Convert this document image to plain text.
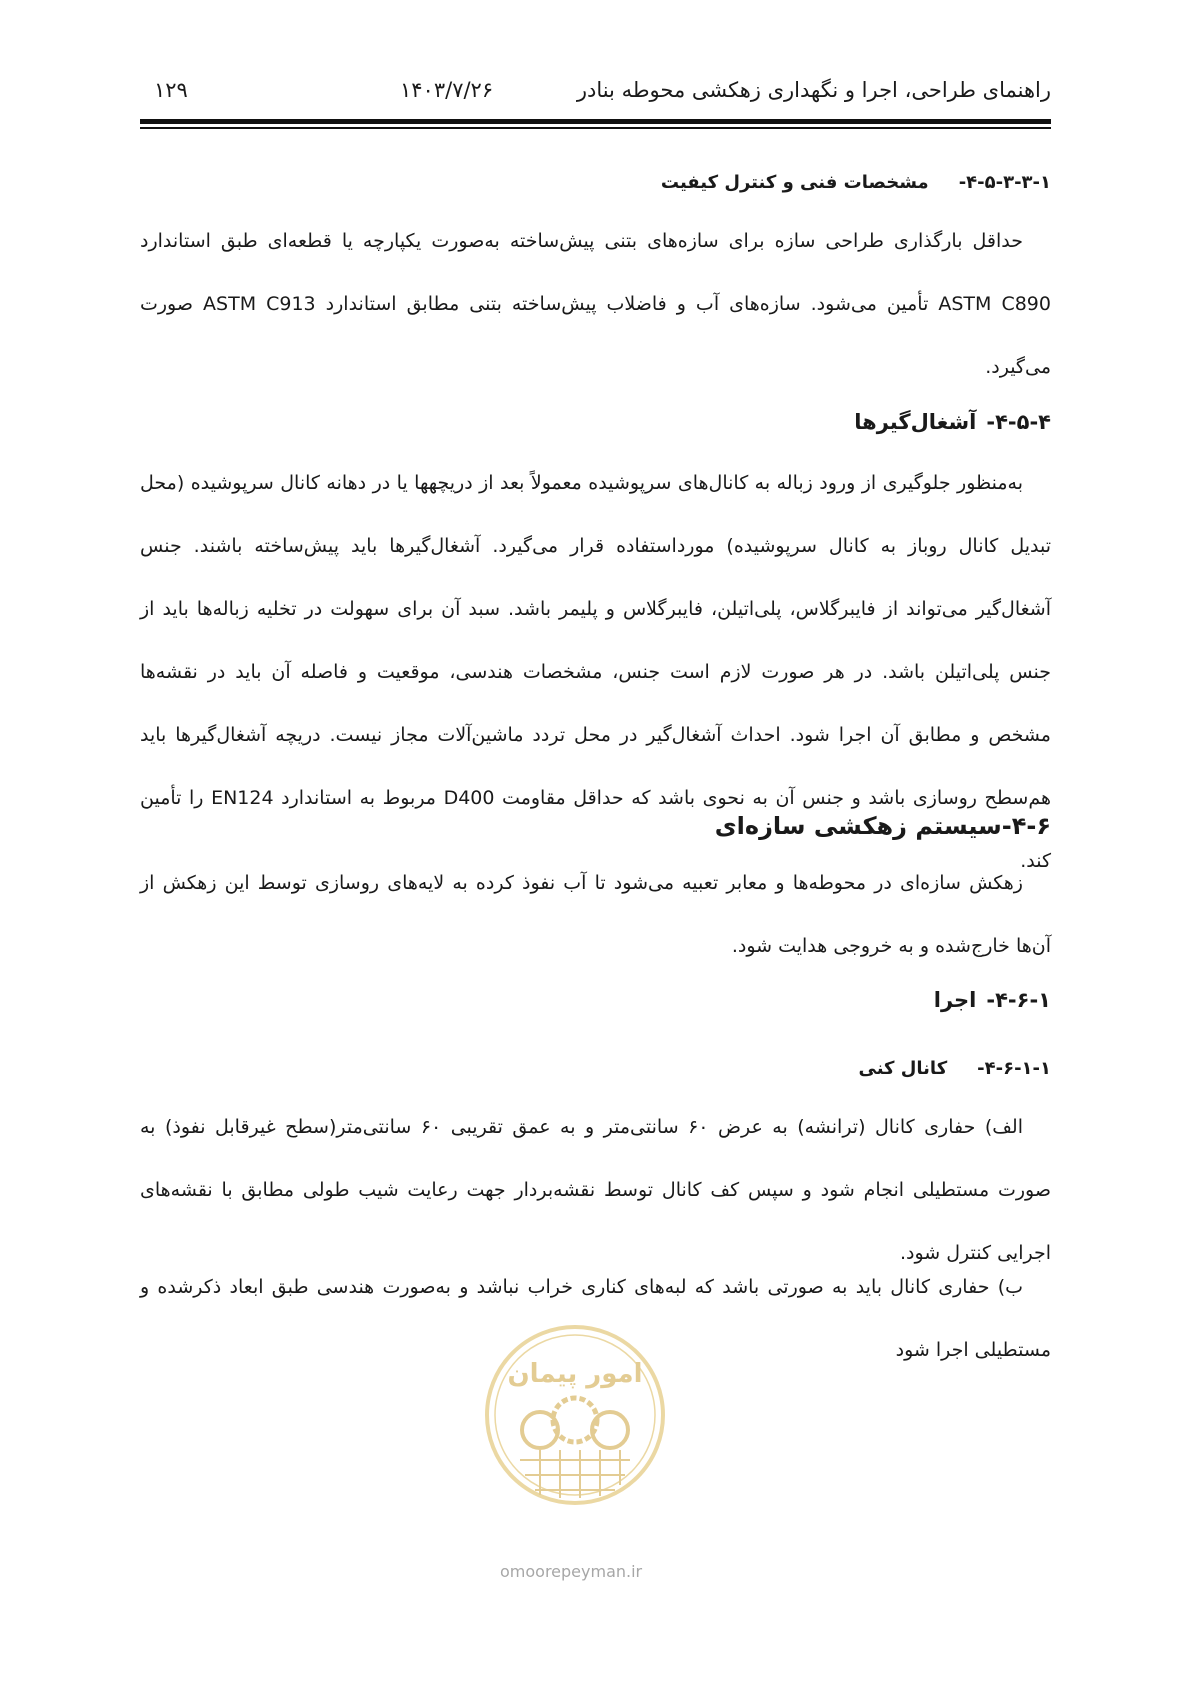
راهنمای طراحی، اجرا و نگهداری زهکشی محوطه بنادر
۱۴۰۳/۷/۲۶
۱۲۹
۴-۵-۳-۳-۱-مشخصات فنی و کنترل کیفیت

حداقل بارگذاری طراحی سازه برای سازه‌های بتنی پیش‌ساخته به‌صورت یکپارچه یا قطعه‌ای طبق استاندارد ASTM C890 تأمین می‌شود. سازه‌های آب و فاضلاب پیش‌ساخته بتنی مطابق استاندارد ASTM C913 صورت می‌گیرد.

۴-۵-۴-آشغال‌گیرها

به‌منظور جلوگیری از ورود زباله به کانال‌های سرپوشیده معمولاً بعد از دریچهها یا در دهانه کانال سرپوشیده (محل تبدیل کانال روباز به کانال سرپوشیده) مورداستفاده قرار می‌گیرد. آشغال‌گیرها باید پیش‌ساخته باشند. جنس آشغال‌گیر می‌تواند از فایبرگلاس، پلی‌اتیلن، فایبرگلاس و پلیمر باشد. سبد آن برای سهولت در تخلیه زباله‌ها باید از جنس پلی‌اتیلن باشد. در هر صورت لازم است جنس، مشخصات هندسی، موقعیت و فاصله آن باید در نقشه‌ها مشخص و مطابق آن اجرا شود. احداث آشغال‌گیر در محل تردد ماشین‌آلات مجاز نیست. دریچه آشغال‌گیرها باید هم‌سطح روسازی باشد و جنس آن به نحوی باشد که حداقل مقاومت D400 مربوط به استاندارد EN124 را تأمین کند.

۴-۶-سیستم زهکشی سازه‌ای

زهکش سازه‌ای در محوطه‌ها و معابر تعبیه می‌شود تا آب نفوذ کرده به لایه‌های روسازی توسط این زهکش از آن‌ها خارج‌شده و به خروجی هدایت شود.

۴-۶-۱-اجرا
۴-۶-۱-۱-کانال کنی

الف) حفاری کانال (ترانشه) به عرض ۶۰ سانتی‌متر و به عمق تقریبی ۶۰ سانتی‌متر(سطح غیرقابل نفوذ) به صورت مستطیلی انجام شود و سپس کف کانال توسط نقشه‌بردار جهت رعایت شیب طولی مطابق با نقشه‌های اجرایی کنترل شود.

ب) حفاری کانال باید به صورتی باشد که لبه‌های کناری خراب نباشد و به‌صورت هندسی طبق ابعاد ذکرشده و مستطیلی اجرا شود

امور پیمان
omoorepeyman.ir
